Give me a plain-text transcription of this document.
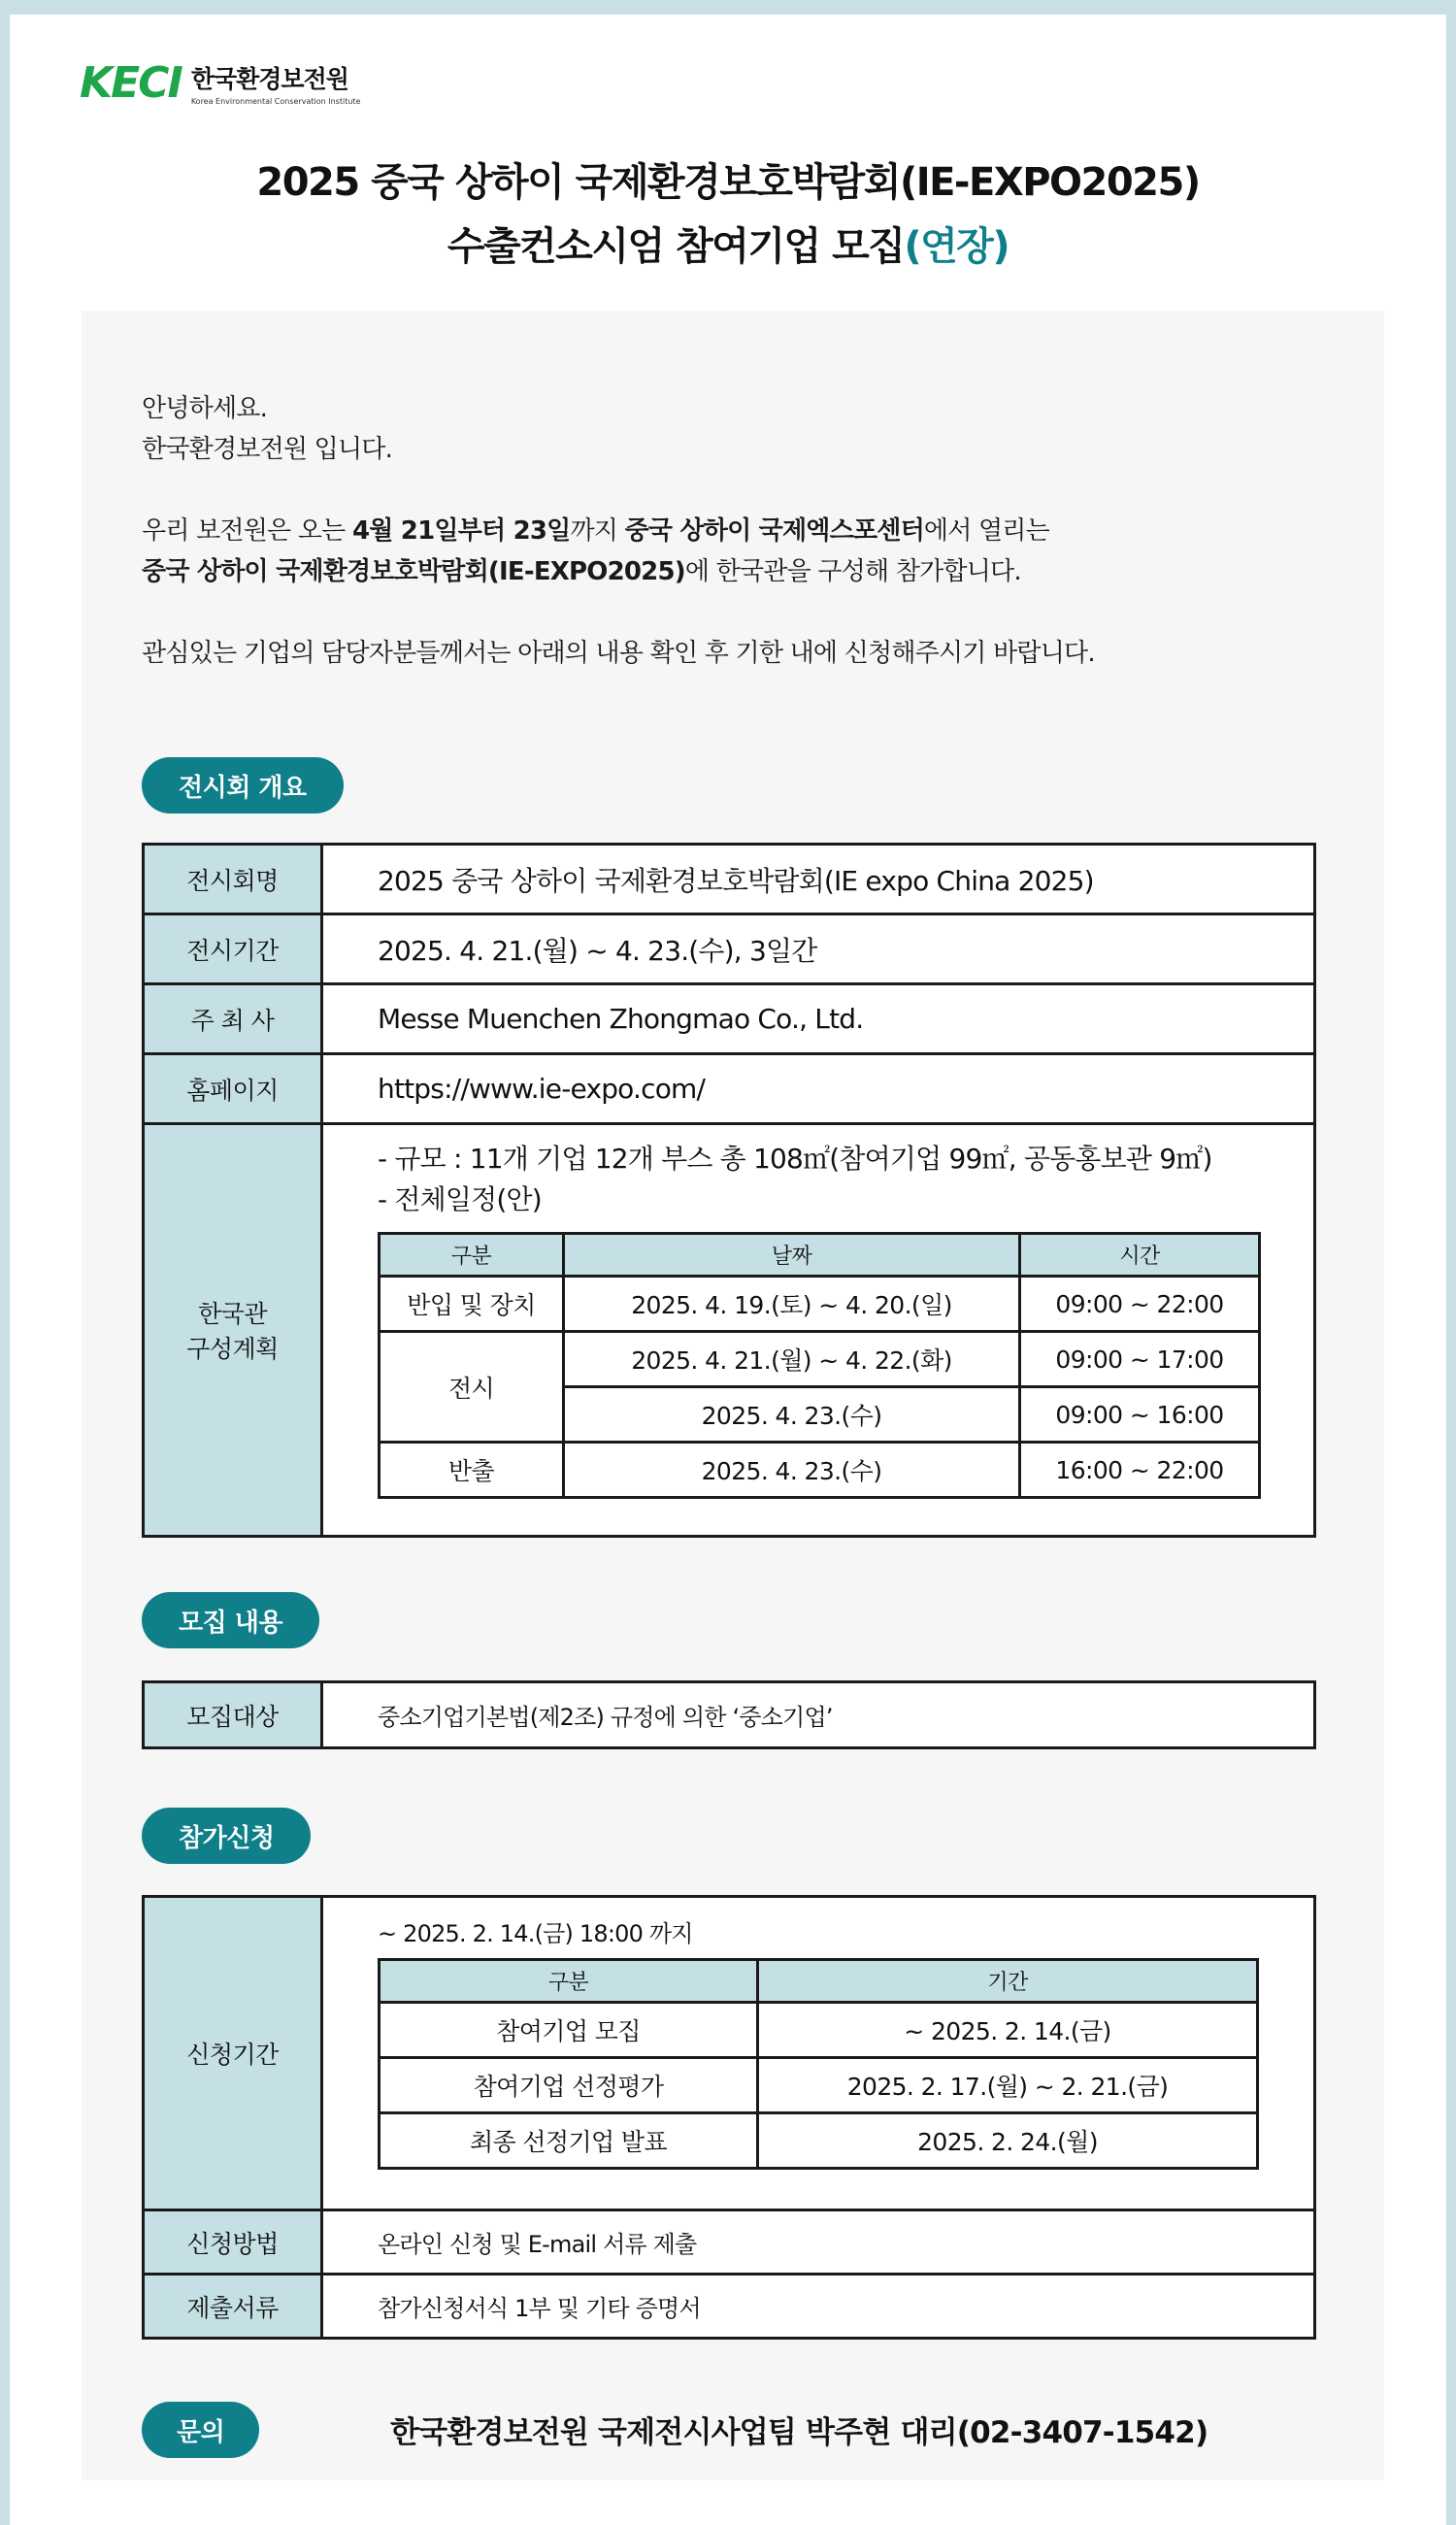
KECI 한국환경보전원
Korea Environmental Conservation Institute
2025 중국 상하이 국제환경보호박람회(IE-EXPO2025)
수출컨소시엄 참여기업 모집(연장)

안녕하세요.

한국환경보전원 입니다.

우리 보전원은 오는 4월 21일부터 23일까지 중국 상하이 국제엑스포센터에서 열리는

중국 상하이 국제환경보호박람회(IE-EXPO2025)에 한국관을 구성해 참가합니다.

관심있는 기업의 담당자분들께서는 아래의 내용 확인 후 기한 내에 신청해주시기 바랍니다.

전시회 개요
전시회명	2025 중국 상하이 국제환경보호박람회(IE expo China 2025)
전시기간	2025. 4. 21.(월) ~ 4. 23.(수), 3일간
주 최 사	Messe Muenchen Zhongmao Co., Ltd.
홈페이지	https://www.ie-expo.com/

한국관
구성계획

- 규모 : 11개 기업 12개 부스 총 108㎡(참여기업 99㎡, 공동홍보관 9㎡)
- 전체일정(안)
구분	날짜	시간
반입 및 장치	2025. 4. 19.(토) ~ 4. 20.(일)	09:00 ~ 22:00
전시	2025. 4. 21.(월) ~ 4. 22.(화)	09:00 ~ 17:00
2025. 4. 23.(수)	09:00 ~ 16:00
반출	2025. 4. 23.(수)	16:00 ~ 22:00
모집 내용
모집대상	중소기업기본법(제2조) 규정에 의한 ‘중소기업’
참가신청
신청기간	
~ 2025. 2. 14.(금) 18:00 까지
구분	기간
참여기업 모집	~ 2025. 2. 14.(금)
참여기업 선정평가	2025. 2. 17.(월) ~ 2. 21.(금)
최종 선정기업 발표	2025. 2. 24.(월)

신청방법	온라인 신청 및 E-mail 서류 제출
제출서류	참가신청서식 1부 및 기타 증명서
문의	한국환경보전원 국제전시사업팀 박주현 대리(02-3407-1542)
